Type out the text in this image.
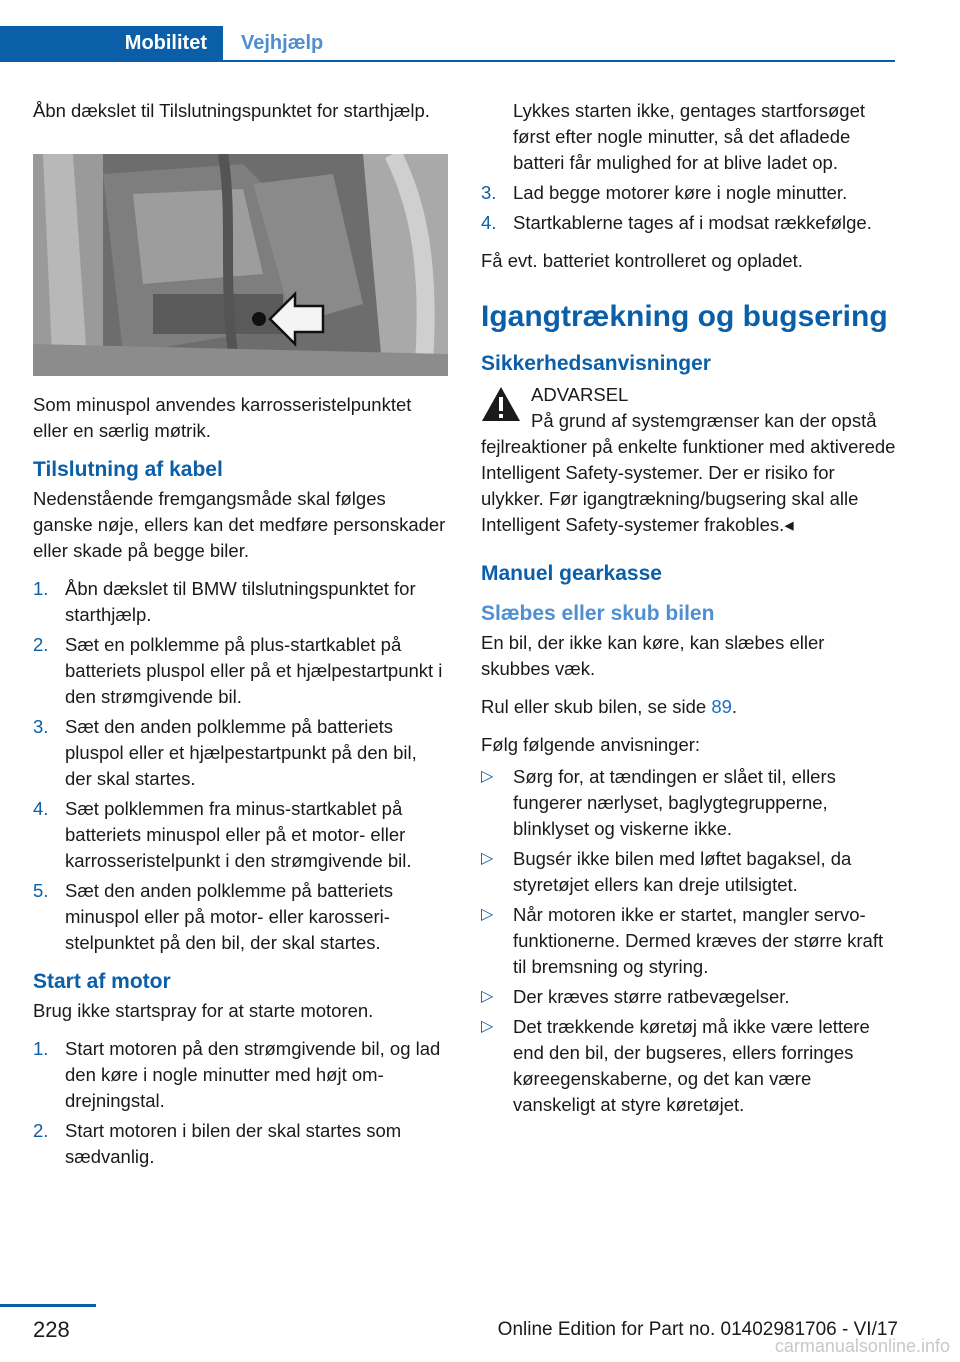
Mobilitet	Vejhjælp

Åbn dækslet til Tilslutningspunktet for starthjælp.

Som minuspol anvendes karrosseristelpunktet eller en særlig møtrik.

Tilslutning af kabel

Nedenstående fremgangsmåde skal følges ganske nøje, ellers kan det medføre personskader eller skade på begge biler.

1. Åbn dækslet til BMW tilslutningspunktet for starthjælp.
2. Sæt en polklemme på plus-startkablet på batteriets pluspol eller på et hjælpestartpunkt i den strømgivende bil.
3. Sæt den anden polklemme på batteriets pluspol eller et hjælpestartpunkt på den bil, der skal startes.
4. Sæt polklemmen fra minus-startkablet på batteriets minuspol eller på et motor- eller karrosseristelpunkt i den strømgivende bil.
5. Sæt den anden polklemme på batteriets minuspol eller på motor- eller karosseristelpunktet på den bil, der skal startes.
Start af motor

Brug ikke startspray for at starte motoren.

1. Start motoren på den strømgivende bil, og lad den køre i nogle minutter med højt omdrejningstal.
2. Start motoren i bilen der skal startes som sædvanlig.

Lykkes starten ikke, gentages startforsøget først efter nogle minutter, så det afladede batteri får mulighed for at blive ladet op.

3. Lad begge motorer køre i nogle minutter.
4. Startkablerne tages af i modsat rækkefølge.

Få evt. batteriet kontrolleret og opladet.

Igangtrækning og bugsering
Sikkerhedsanvisninger
ADVARSEL
På grund af systemgrænser kan der opstå fejlreaktioner på enkelte funktioner med aktiverede Intelligent Safety-systemer. Der er risiko for ulykker. Før igangtrækning/bugsering skal alle Intelligent Safety-systemer frakobles.◂
Manuel gearkasse
Slæbes eller skub bilen

En bil, der ikke kan køre, kan slæbes eller skubbes væk.

Rul eller skub bilen, se side 89.

Følg følgende anvisninger:

▷ Sørg for, at tændingen er slået til, ellers fungerer nærlyset, baglygtegrupperne, blinklyset og viskerne ikke.
▷ Bugsér ikke bilen med løftet bagaksel, da styretøjet ellers kan dreje utilsigtet.
▷ Når motoren ikke er startet, mangler servofunktionerne. Dermed kræves der større kraft til bremsning og styring.
▷ Der kræves større ratbevægelser.
▷ Det trækkende køretøj må ikke være lettere end den bil, der bugseres, ellers forringes køreegenskaberne, og det kan være vanskeligt at styre køretøjet.
228	Online Edition for Part no. 01402981706 - VI/17
carmanualsonline.info
